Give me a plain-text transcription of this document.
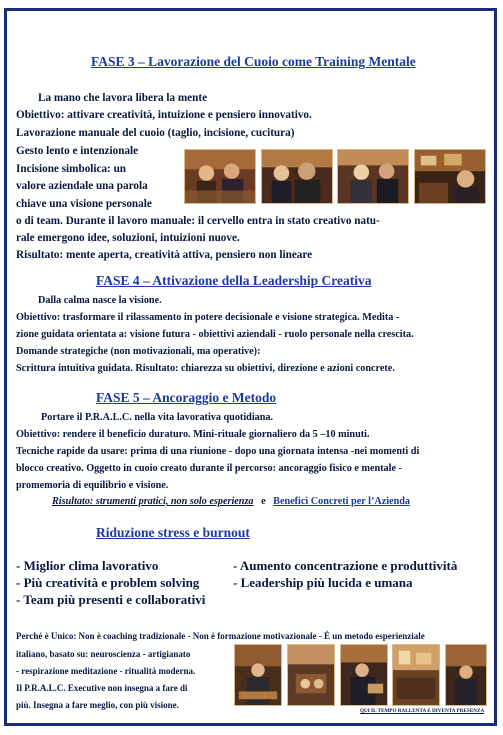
FASE 3 – Lavorazione del Cuoio come Training Mentale
La mano che lavora libera la mente
Obiettivo: attivare creatività, intuizione e pensiero innovativo.
Lavorazione manuale del cuoio (taglio, incisione, cucitura)
Gesto lento e intenzionale
Incisione simbolica: un
valore aziendale una parola
chiave una visione personale
o di team. Durante il lavoro manuale: il cervello entra in stato creativo natu-
rale emergono idee, soluzioni, intuizioni nuove.
Risultato: mente aperta, creatività attiva, pensiero non lineare
FASE 4 – Attivazione della Leadership Creativa
Dalla calma nasce la visione.
Obiettivo: trasformare il rilassamento in potere decisionale e visione strategica. Medita -
zione guidata orientata a: visione futura - obiettivi aziendali - ruolo personale nella crescita.
Domande strategiche (non motivazionali, ma operative):
Scrittura intuitiva guidata. Risultato: chiarezza su obiettivi, direzione e azioni concrete.
FASE 5 – Ancoraggio e Metodo
Portare il P.R.A.L.C. nella vita lavorativa quotidiana.
Obiettivo: rendere il beneficio duraturo. Mini-rituale giornaliero da 5 –10 minuti.
Tecniche rapide da usare: prima di una riunione - dopo una giornata intensa -nei momenti di
blocco creativo. Oggetto in cuoio creato durante il percorso: ancoraggio fisico e mentale -
promemoria di equilibrio e visione.
Risultato: strumenti pratici, non solo esperienza e Benefici Concreti per l’Azienda
Riduzione stress e burnout
- Miglior clima lavorativo
- Più creatività e problem solving
- Team più presenti e collaborativi
- Aumento concentrazione e produttività
- Leadership più lucida e umana
Perché è Unico: Non è coaching tradizionale - Non è formazione motivazionale - È un metodo esperienziale
italiano, basato su: neuroscienza - artigianato
- respirazione meditazione - ritualità moderna.
Il P.R.A.L.C. Executive non insegna a fare di
più. Insegna a fare meglio, con più visione.
QUI IL TEMPO RALLENTA E DIVENTA PRESENZA
